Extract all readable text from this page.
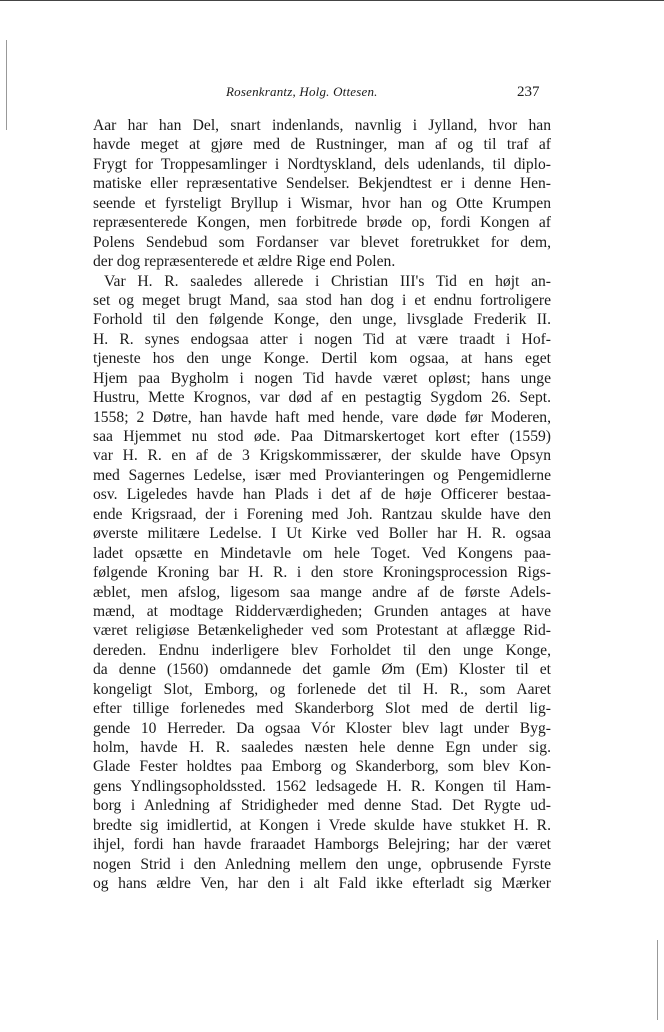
Rosenkrantz, Holg. Ottesen.	237
Aar har han Del, snart indenlands, navnlig i Jylland, hvor han
havde meget at gjøre med de Rustninger, man af og til traf af
Frygt for Troppesamlinger i Nordtyskland, dels udenlands, til diplo-
matiske eller repræsentative Sendelser. Bekjendtest er i denne Hen-
seende et fyrsteligt Bryllup i Wismar, hvor han og Otte Krumpen
repræsenterede Kongen, men forbitrede brøde op, fordi Kongen af
Polens Sendebud som Fordanser var blevet foretrukket for dem,
der dog repræsenterede et ældre Rige end Polen.
Var H. R. saaledes allerede i Christian III's Tid en højt an-
set og meget brugt Mand, saa stod han dog i et endnu fortroligere
Forhold til den følgende Konge, den unge, livsglade Frederik II.
H. R. synes endogsaa atter i nogen Tid at være traadt i Hof-
tjeneste hos den unge Konge. Dertil kom ogsaa, at hans eget
Hjem paa Bygholm i nogen Tid havde været opløst; hans unge
Hustru, Mette Krognos, var død af en pestagtig Sygdom 26. Sept.
1558; 2 Døtre, han havde haft med hende, vare døde før Moderen,
saa Hjemmet nu stod øde. Paa Ditmarskertoget kort efter (1559)
var H. R. en af de 3 Krigskommissærer, der skulde have Opsyn
med Sagernes Ledelse, især med Provianteringen og Pengemidlerne
osv. Ligeledes havde han Plads i det af de høje Officerer bestaa-
ende Krigsraad, der i Forening med Joh. Rantzau skulde have den
øverste militære Ledelse. I Ut Kirke ved Boller har H. R. ogsaa
ladet opsætte en Mindetavle om hele Toget. Ved Kongens paa-
følgende Kroning bar H. R. i den store Kroningsprocession Rigs-
æblet, men afslog, ligesom saa mange andre af de første Adels-
mænd, at modtage Ridderværdigheden; Grunden antages at have
været religiøse Betænkeligheder ved som Protestant at aflægge Rid-
dereden. Endnu inderligere blev Forholdet til den unge Konge,
da denne (1560) omdannede det gamle Øm (Em) Kloster til et
kongeligt Slot, Emborg, og forlenede det til H. R., som Aaret
efter tillige forlenedes med Skanderborg Slot med de dertil lig-
gende 10 Herreder. Da ogsaa Vór Kloster blev lagt under Byg-
holm, havde H. R. saaledes næsten hele denne Egn under sig.
Glade Fester holdtes paa Emborg og Skanderborg, som blev Kon-
gens Yndlingsopholdssted. 1562 ledsagede H. R. Kongen til Ham-
borg i Anledning af Stridigheder med denne Stad. Det Rygte ud-
bredte sig imidlertid, at Kongen i Vrede skulde have stukket H. R.
ihjel, fordi han havde fraraadet Hamborgs Belejring; har der været
nogen Strid i den Anledning mellem den unge, opbrusende Fyrste
og hans ældre Ven, har den i alt Fald ikke efterladt sig Mærker
